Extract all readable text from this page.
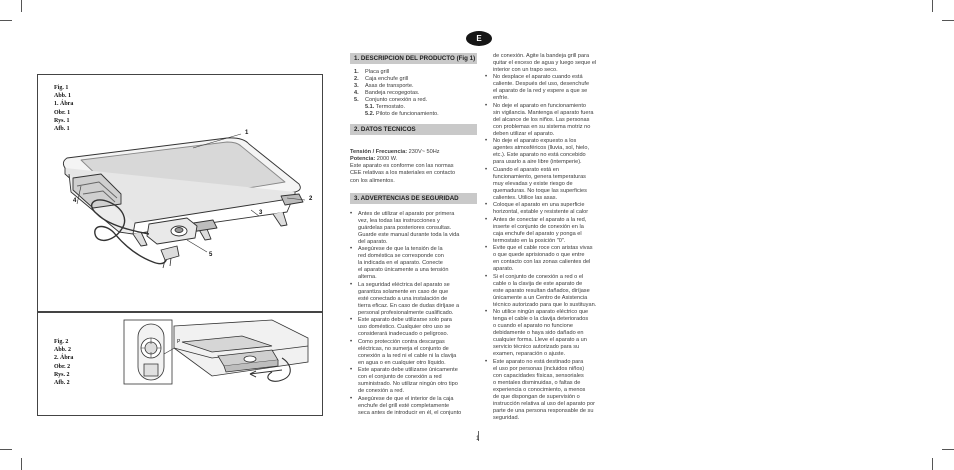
Fig. 1
Abb. 1
1. Ábra
Obr. 1
Rys. 1
Afb. 1
1
2
3
4
5
Fig. 2
Abb. 2
2. Ábra
Obr. 2
Rys. 2
Afb. 2
P
E
1. DESCRIPCION DEL PRODUCTO (Fig 1)
1. Placa grill
2. Caja enchufe grill
3. Asas de transporte.
4. Bandeja recogegotas.
5. Conjunto conexión a red.
5.1. Termostato.
5.2. Piloto de funcionamiento.
2. DATOS TECNICOS
Tensión / Frecuencia: 230V~ 50Hz
Potencia: 2000 W.
Este aparato es conforme con las normas
CEE relativas a los materiales en contacto
con los alimentos.
3. ADVERTENCIAS DE SEGURIDAD
•	Antes de utilizar el aparato por primera
vez, lea todas las instrucciones y
guárdelas para posteriores consultas.
Guarde este manual durante toda la vida
del aparato.
•	Asegúrese de que la tensión de la
red doméstica se corresponde con
la indicada en el aparato. Conecte
el aparato únicamente a una tensión
alterna.
•	La seguridad eléctrica del aparato se
garantiza solamente en caso de que
esté conectado a una instalación de
tierra eficaz. En caso de dudas diríjase a
personal profesionalmente cualificado.
•	Este aparato debe utilizarse solo para
uso doméstico. Cualquier otro uso se
considerará inadecuado o peligroso.
•	Como protección contra descargas
eléctricas, no sumerja el conjunto de
conexión a la red ni el cable ni la clavija
en agua o en cualquier otro líquido.
•	Este aparato debe utilizarse únicamente
con el conjunto de conexión a red
suministrado. No utilizar ningún otro tipo
de conexión a red.
•	Asegúrese de que el interior de la caja
enchufe del grill esté completamente
seca antes de introducir en él, el conjunto
de conexión. Agite la bandeja grill para
quitar el exceso de agua y luego seque el
interior con un trapo seco.
•	No desplace el aparato cuando está
caliente. Después del uso, desenchufe
el aparato de la red y espere a que se
enfríe.
•	No deje el aparato en funcionamiento
sin vigilancia. Mantenga el aparato fuera
del alcance de los niños. Las personas
con problemas en su sistema motriz no
deben utilizar el aparato.
•	No deje el aparato expuesto a los
agentes atmosféricos (lluvia, sol, hielo,
etc.). Este aparato no está concebido
para usarlo a aire libre (intemperie).
•	Cuando el aparato está en
funcionamiento, genera temperaturas
muy elevadas y existe riesgo de
quemaduras. No toque las superficies
calientes. Utilice las asas.
•	Coloque el aparato en una superficie
horizontal, estable y resistente al calor
•	Antes de conectar el aparato a la red,
inserte el conjunto de conexión en la
caja enchufe del aparato y ponga el
termostato en la posición "0".
•	Evite que el cable roce con aristas vivas
o que quede aprisionado o que entre
en contacto con las zonas calientes del
aparato.
•	Si el conjunto de conexión a red o el
cable o la clavija de este aparato de
este aparato resultan dañados, diríjase
únicamente a un Centro de Asistencia
técnico autorizado para que lo sustituyan.
•	No utilice ningún aparato eléctrico que
tenga el cable o la clavija deteriorados
o cuando el aparato no funcione
debidamente o haya sido dañado en
cualquier forma. Lleve el aparato a un
servicio técnico autorizado para su
examen, reparación o ajuste.
•	Este aparato no está destinado para
el uso por personas (incluidos niños)
con capacidades físicas, sensoriales
o mentales disminuidas, o faltas de
experiencia o conocimiento, a menos
de que dispongan de supervisión o
instrucción relativa al uso del aparato por
parte de una persona responsable de su
seguridad.
1
